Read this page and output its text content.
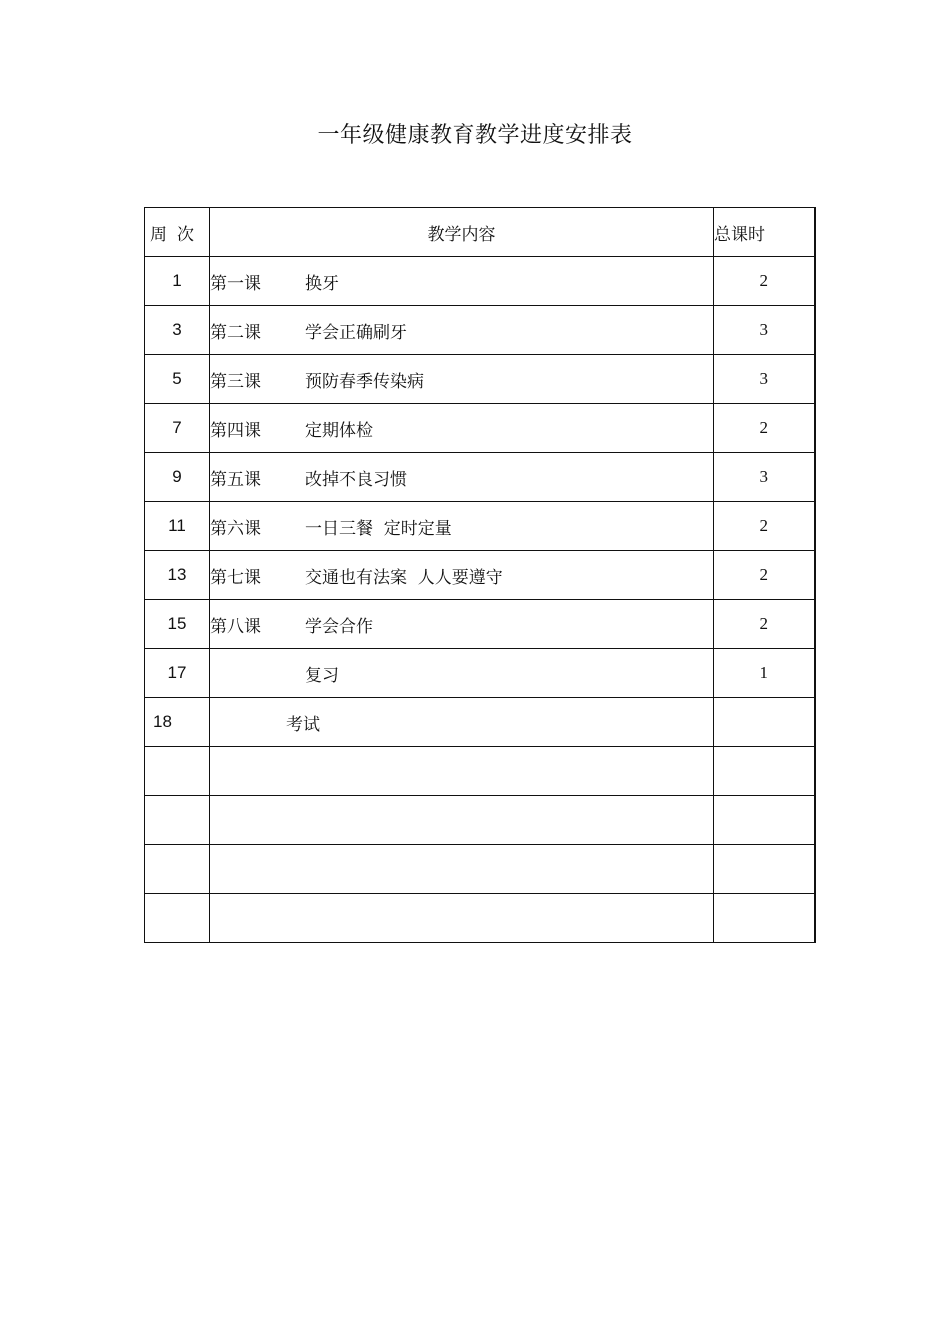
一年级健康教育教学进度安排表
周次	教学内容	总课时
1	第一课 换牙	2
3	第二课 学会正确刷牙	3
5	第三课 预防春季传染病	3
7	第四课 定期体检	2
9	第五课 改掉不良习惯	3
11	第六课 一日三餐  定时定量	2
13	第七课 交通也有法案  人人要遵守	2
15	第八课 学会合作	2
17	复习	1
18	考试	
